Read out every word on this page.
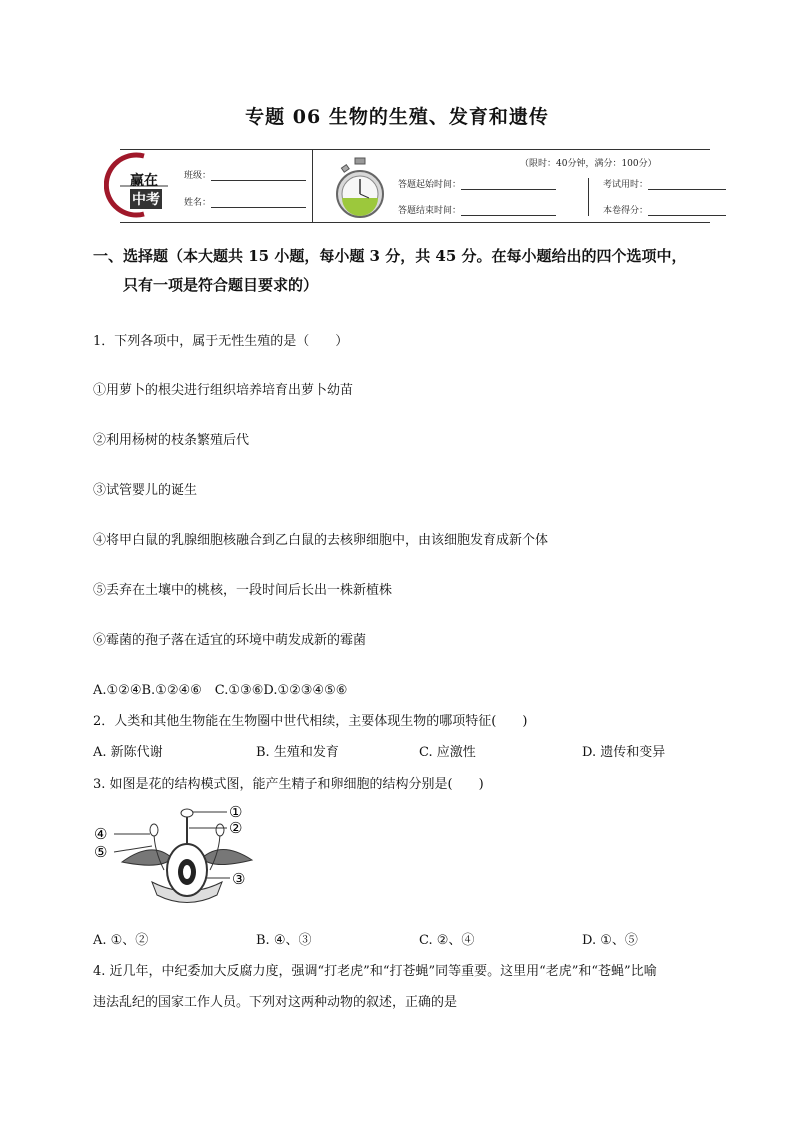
专题 06 生物的生殖、发育和遗传
赢在
中考
班级：
姓名：
（限时：40分钟，满分：100分）
答题起始时间：
答题结束时间：
考试用时：
本卷得分：
一、选择题（本大题共 15 小题，每小题 3 分，共 45 分。在每小题给出的四个选项中，
只有一项是符合题目要求的）
1．下列各项中，属于无性生殖的是（　　）
①用萝卜的根尖进行组织培养培育出萝卜幼苗
②利用杨树的枝条繁殖后代
③试管婴儿的诞生
④将甲白鼠的乳腺细胞核融合到乙白鼠的去核卵细胞中，由该细胞发育成新个体
⑤丢弃在土壤中的桃核，一段时间后长出一株新植株
⑥霉菌的孢子落在适宜的环境中萌发成新的霉菌
A.①②④B.①②④⑥　C.①③⑥D.①②③④⑤⑥
2．人类和其他生物能在生物圈中世代相续，主要体现生物的哪项特征(　　)
A. 新陈代谢	B. 生殖和发育	C. 应激性	D. 遗传和变异
3. 如图是花的结构模式图，能产生精子和卵细胞的结构分别是(　　)
①
②
③
④
⑤
A. ①、②	B. ④、③	C. ②、④	D. ①、⑤
4. 近几年，中纪委加大反腐力度，强调“打老虎”和“打苍蝇”同等重要。这里用“老虎”和“苍蝇”比喻
违法乱纪的国家工作人员。下列对这两种动物的叙述，正确的是
